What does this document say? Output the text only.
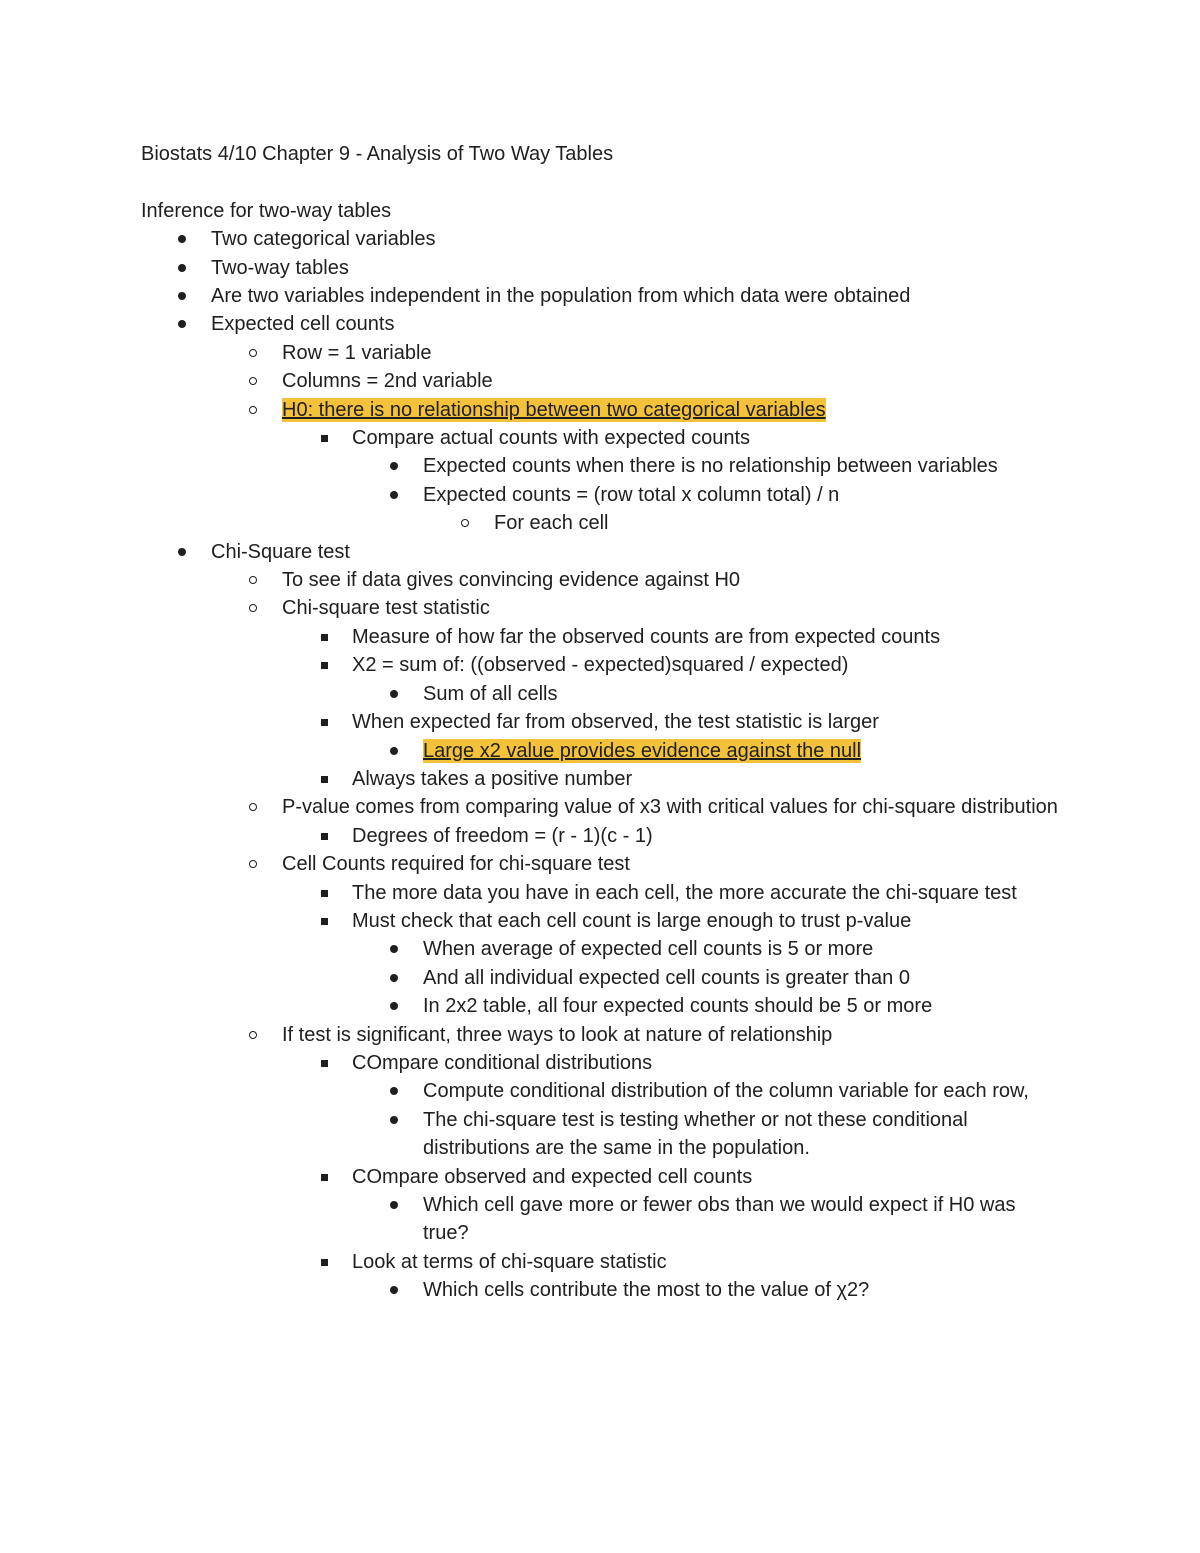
Biostats 4/10 Chapter 9 - Analysis of Two Way Tables

Inference for two-way tables

Two categorical variables
Two-way tables
Are two variables independent in the population from which data were obtained
Expected cell counts
Row = 1 variable
Columns = 2nd variable
H0: there is no relationship between two categorical variables
Compare actual counts with expected counts
Expected counts when there is no relationship between variables
Expected counts = (row total x column total) / n
For each cell
Chi-Square test
To see if data gives convincing evidence against H0
Chi-square test statistic
Measure of how far the observed counts are from expected counts
X2 = sum of: ((observed - expected)squared / expected)
Sum of all cells
When expected far from observed, the test statistic is larger
Large x2 value provides evidence against the null
Always takes a positive number
P-value comes from comparing value of x3 with critical values for chi-square distribution
Degrees of freedom = (r - 1)(c - 1)
Cell Counts required for chi-square test
The more data you have in each cell, the more accurate the chi-square test
Must check that each cell count is large enough to trust p-value
When average of expected cell counts is 5 or more
And all individual expected cell counts is greater than 0
In 2x2 table, all four expected counts should be 5 or more
If test is significant, three ways to look at nature of relationship
COmpare conditional distributions
Compute conditional distribution of the column variable for each row,
The chi-square test is testing whether or not these conditional distributions are the same in the population.
COmpare observed and expected cell counts
Which cell gave more or fewer obs than we would expect if H0 was true?
Look at terms of chi-square statistic
Which cells contribute the most to the value of χ2?
